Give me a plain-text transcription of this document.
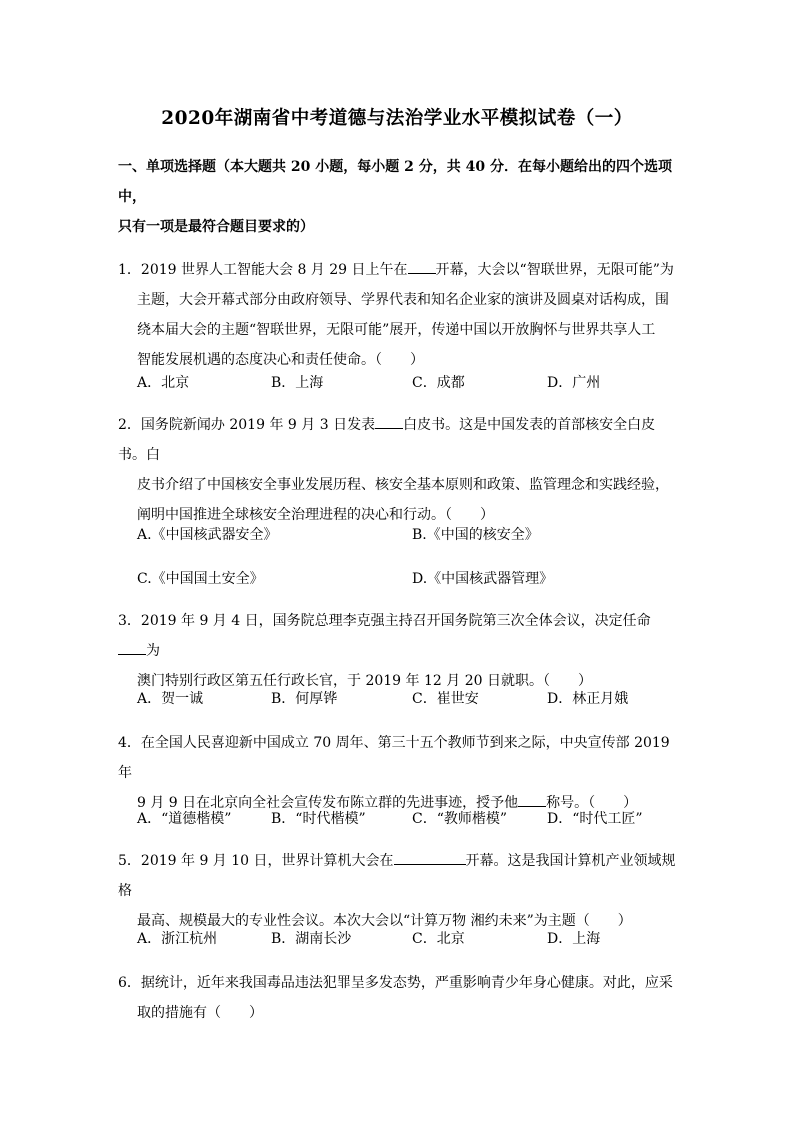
2020年湖南省中考道德与法治学业水平模拟试卷（一）
一、单项选择题（本大题共 20 小题，每小题 2 分，共 40 分．在每小题给出的四个选项中，
只有一项是最符合题目要求的）
1．2019 世界人工智能大会 8 月 29 日上午在 开幕，大会以“智联世界，无限可能”为
主题，大会开幕式部分由政府领导、学界代表和知名企业家的演讲及圆桌对话构成，围
绕本届大会的主题“智联世界，无限可能”展开，传递中国以开放胸怀与世界共享人工
智能发展机遇的态度决心和责任使命。（　　）
A．北京	B．上海	C．成都	D．广州
2．国务院新闻办 2019 年 9 月 3 日发表 白皮书。这是中国发表的首部核安全白皮书。白
皮书介绍了中国核安全事业发展历程、核安全基本原则和政策、监管理念和实践经验，
阐明中国推进全球核安全治理进程的决心和行动。（　　）
A.《中国核武器安全》	B.《中国的核安全》
C.《中国国土安全》	D.《中国核武器管理》
3．2019 年 9 月 4 日，国务院总理李克强主持召开国务院第三次全体会议，决定任命为
澳门特别行政区第五任行政长官，于 2019 年 12 月 20 日就职。（　　）
A．贺一诚	B．何厚铧	C．崔世安	D．林正月娥
4．在全国人民喜迎新中国成立 70 周年、第三十五个教师节到来之际，中央宣传部 2019 年
9 月 9 日在北京向全社会宣传发布陈立群的先进事迹，授予他 称号。（　　）
A．“道德楷模”	B．“时代楷模”	C．“教师楷模”	D．“时代工匠”
5．2019 年 9 月 10 日，世界计算机大会在	开幕。这是我国计算机产业领域规格
最高、规模最大的专业性会议。本次大会以“计算万物 湘约未来”为主题（　　）
A．浙江杭州	B．湖南长沙	C．北京	D．上海
6．据统计，近年来我国毒品违法犯罪呈多发态势，严重影响青少年身心健康。对此，应采
取的措施有（　　）
